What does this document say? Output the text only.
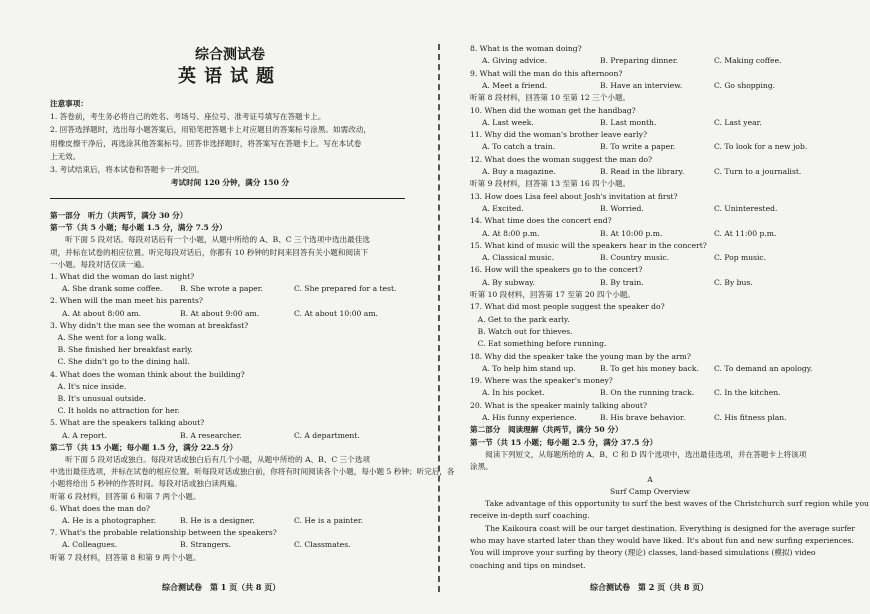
综合测试卷
英语试题
注意事项：
1. 答卷前，考生务必将自己的姓名、考场号、座位号、准考证号填写在答题卡上。
2. 回答选择题时，选出每小题答案后，用铅笔把答题卡上对应题目的答案标号涂黑。如需改动，
用橡皮擦干净后，再选涂其他答案标号。回答非选择题时，将答案写在答题卡上。写在本试卷
上无效。
3. 考试结束后，将本试卷和答题卡一并交回。
考试时间 120 分钟，满分 150 分
第一部分　听力（共两节，满分 30 分）
第一节（共 5 小题；每小题 1.5 分，满分 7.5 分）
　　听下面 5 段对话。每段对话后有一个小题，从题中所给的 A、B、C 三个选项中选出最佳选
项，并标在试卷的相应位置。听完每段对话后，你都有 10 秒钟的时间来回答有关小题和阅读下
一小题。每段对话仅读一遍。
1. What did the woman do last night?
A. She drank some coffee. B. She wrote a paper.	C. She prepared for a test.
2. When will the man meet his parents?
A. At about 8:00 am.	B. At about 9:00 am.	C. At about 10:00 am.
3. Why didn't the man see the woman at breakfast?
　A. She went for a long walk.
　B. She finished her breakfast early.
　C. She didn't go to the dining hall.
4. What does the woman think about the building?
　A. It's nice inside.
　B. It's unusual outside.
　C. It holds no attraction for her.
5. What are the speakers talking about?
A. A report.	B. A researcher.	C. A department.
第二节（共 15 小题；每小题 1.5 分，满分 22.5 分）
　　听下面 5 段对话或独白。每段对话或独白后有几个小题，从题中所给的 A、B、C 三个选项
中选出最佳选项，并标在试卷的相应位置。听每段对话或独白前，你将有时间阅读各个小题，每小题 5 秒钟；听完后，各
小题将给出 5 秒钟的作答时间。每段对话或独白读两遍。
听第 6 段材料，回答第 6 和第 7 两个小题。
6. What does the man do?
A. He is a photographer.	B. He is a designer.	C. He is a painter.
7. What's the probable relationship between the speakers?
A. Colleagues.	B. Strangers.	C. Classmates.
听第 7 段材料，回答第 8 和第 9 两个小题。
综合测试卷　第 1 页（共 8 页）
8. What is the woman doing?
A. Giving advice.	B. Preparing dinner.	C. Making coffee.
9. What will the man do this afternoon?
A. Meet a friend.	B. Have an interview.	C. Go shopping.
听第 8 段材料，回答第 10 至第 12 三个小题。
10. When did the woman get the handbag?
A. Last week.	B. Last month.	C. Last year.
11. Why did the woman's brother leave early?
A. To catch a train.	B. To write a paper.	C. To look for a new job.
12. What does the woman suggest the man do?
A. Buy a magazine.	B. Read in the library.	C. Turn to a journalist.
听第 9 段材料，回答第 13 至第 16 四个小题。
13. How does Lisa feel about Josh's invitation at first?
A. Excited.	B. Worried.	C. Uninterested.
14. What time does the concert end?
A. At 8:00 p.m.	B. At 10:00 p.m.	C. At 11:00 p.m.
15. What kind of music will the speakers hear in the concert?
A. Classical music.	B. Country music.	C. Pop music.
16. How will the speakers go to the concert?
A. By subway.	B. By train.	C. By bus.
听第 10 段材料，回答第 17 至第 20 四个小题。
17. What did most people suggest the speaker do?
　A. Get to the park early.
　B. Watch out for thieves.
　C. Eat something before running.
18. Why did the speaker take the young man by the arm?
A. To help him stand up.	B. To get his money back. C. To demand an apology.
19. Where was the speaker's money?
A. In his pocket.	B. On the running track.	C. In the kitchen.
20. What is the speaker mainly talking about?
A. His funny experience.	B. His brave behavior.	C. His fitness plan.
第二部分　阅读理解（共两节，满分 50 分）
第一节（共 15 小题；每小题 2.5 分，满分 37.5 分）
　　阅读下列短文，从每题所给的 A、B、C 和 D 四个选项中，选出最佳选项，并在答题卡上将该项
涂黑。
A
Surf Camp Overview
　　Take advantage of this opportunity to surf the best waves of the Christchurch surf region while you
receive in-depth surf coaching.
　　The Kaikoura coast will be our target destination. Everything is designed for the average surfer
who may have started later than they would have liked. It's about fun and new surfing experiences.
You will improve your surfing by theory (理论) classes, land-based simulations (模拟) video
coaching and tips on mindset.
综合测试卷　第 2 页（共 8 页）
